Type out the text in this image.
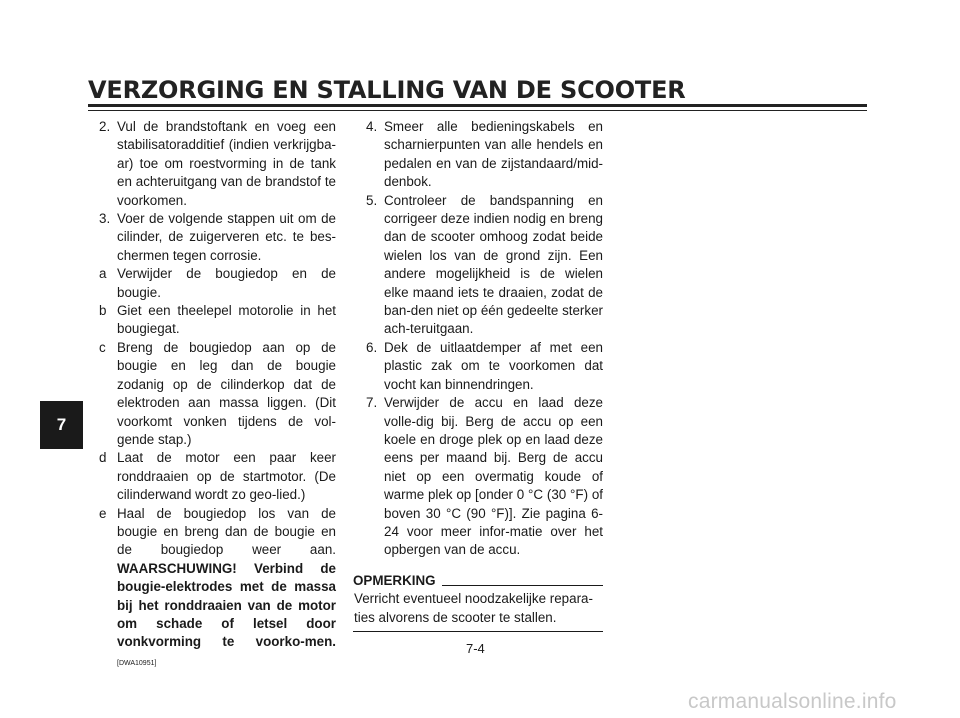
VERZORGING EN STALLING VAN DE SCOOTER
7
2. Vul de brandstoftank en voeg een stabilisatoradditief (indien verkrijgba-ar) toe om roestvorming in de tank en achteruitgang van de brandstof te voorkomen.
3. Voer de volgende stappen uit om de cilinder, de zuigerveren etc. te bes-chermen tegen corrosie.
a Verwijder de bougiedop en de bougie.
b Giet een theelepel motorolie in het bougiegat.
c Breng de bougiedop aan op de bougie en leg dan de bougie zodanig op de cilinderkop dat de elektroden aan massa liggen. (Dit voorkomt vonken tijdens de vol-gende stap.)
d Laat de motor een paar keer ronddraaien op de startmotor. (De cilinderwand wordt zo geo-lied.)
e Haal de bougiedop los van de bougie en breng dan de bougie en de bougiedop weer aan. WAARSCHUWING! Verbind de bougie-elektrodes met de massa bij het ronddraaien van de motor om schade of letsel door vonkvorming te voorko-men. [DWA10951]
4. Smeer alle bedieningskabels en scharnierpunten van alle hendels en pedalen en van de zijstandaard/mid-denbok.
5. Controleer de bandspanning en corrigeer deze indien nodig en breng dan de scooter omhoog zodat beide wielen los van de grond zijn. Een andere mogelijkheid is de wielen elke maand iets te draaien, zodat de ban-den niet op één gedeelte sterker ach-teruitgaan.
6. Dek de uitlaatdemper af met een plastic zak om te voorkomen dat vocht kan binnendringen.
7. Verwijder de accu en laad deze volle-dig bij. Berg de accu op een koele en droge plek op en laad deze eens per maand bij. Berg de accu niet op een overmatig koude of warme plek op [onder 0 °C (30 °F) of boven 30 °C (90 °F)]. Zie pagina 6-24 voor meer infor-matie over het opbergen van de accu.
OPMERKING
Verricht eventueel noodzakelijke repara-ties alvorens de scooter te stallen.
7-4
carmanualsonline.info
